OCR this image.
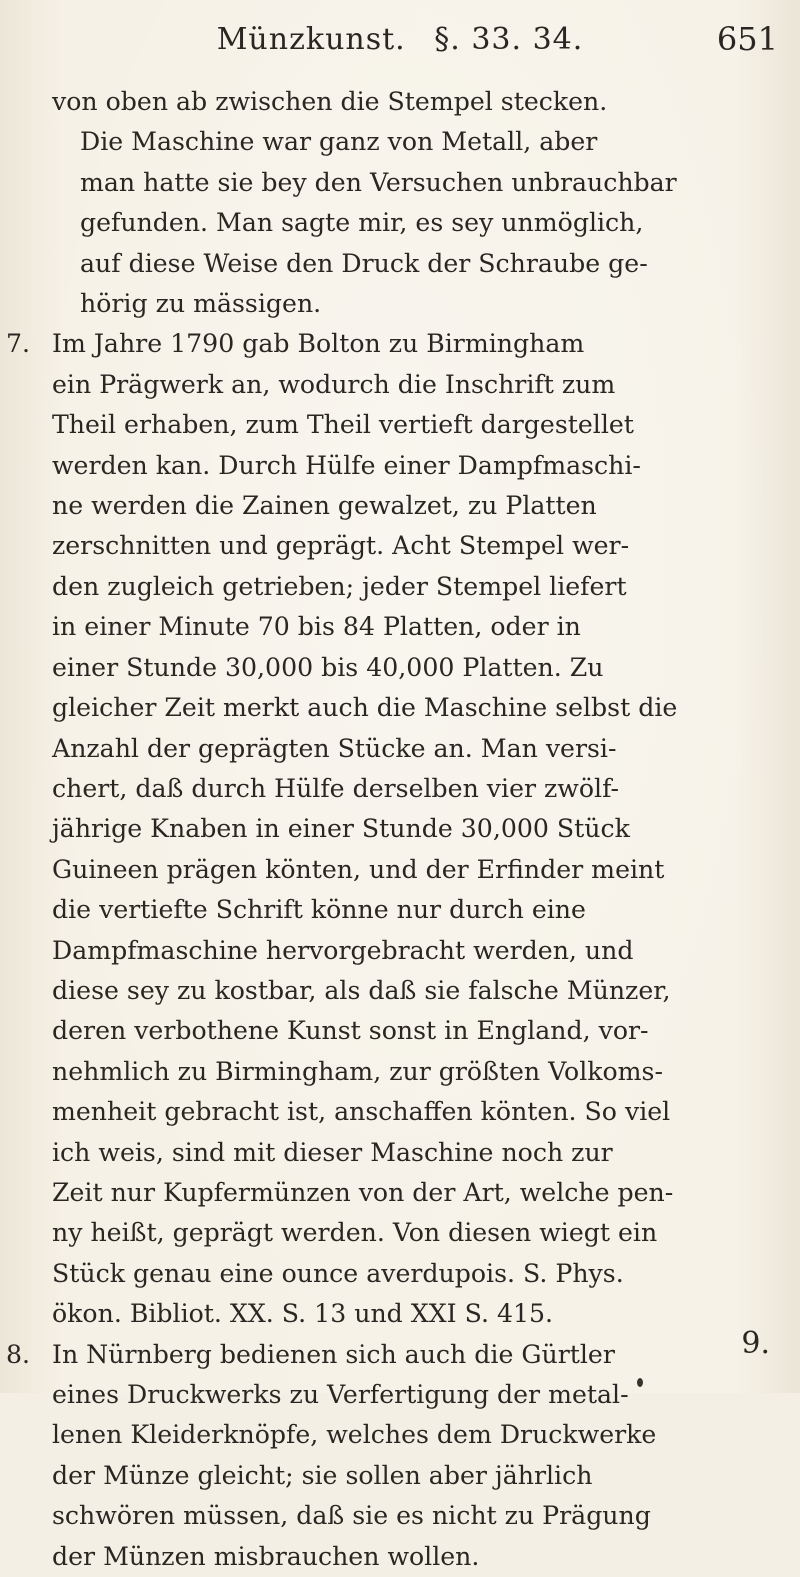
Münzkunst. §. 33. 34.	651

von oben ab zwischen die Stempel stecken.

Die Maschine war ganz von Metall, aber

man hatte sie bey den Versuchen unbrauchbar

gefunden. Man sagte mir, es sey unmöglich,

auf diese Weise den Druck der Schraube ge-

hörig zu mässigen.

7. Im Jahre 1790 gab Bolton zu Birmingham

ein Prägwerk an, wodurch die Inschrift zum

Theil erhaben, zum Theil vertieft dargestellet

werden kan. Durch Hülfe einer Dampfmaschi-

ne werden die Zainen gewalzet, zu Platten

zerschnitten und geprägt. Acht Stempel wer-

den zugleich getrieben; jeder Stempel liefert

in einer Minute 70 bis 84 Platten, oder in

einer Stunde 30,000 bis 40,000 Platten. Zu

gleicher Zeit merkt auch die Maschine selbst die

Anzahl der geprägten Stücke an. Man versi-

chert, daß durch Hülfe derselben vier zwölf-

jährige Knaben in einer Stunde 30,000 Stück

Guineen prägen könten, und der Erfinder meint

die vertiefte Schrift könne nur durch eine

Dampfmaschine hervorgebracht werden, und

diese sey zu kostbar, als daß sie falsche Münzer,

deren verbothene Kunst sonst in England, vor-

nehmlich zu Birmingham, zur größten Volkoms-

menheit gebracht ist, anschaffen könten. So viel

ich weis, sind mit dieser Maschine noch zur

Zeit nur Kupfermünzen von der Art, welche pen-

ny heißt, geprägt werden. Von diesen wiegt ein

Stück genau eine ounce averdupois. S. Phys.

ökon. Bibliot. XX. S. 13 und XXI S. 415.

8. In Nürnberg bedienen sich auch die Gürtler

eines Druckwerks zu Verfertigung der metal-

lenen Kleiderknöpfe, welches dem Druckwerke

der Münze gleicht; sie sollen aber jährlich

schwören müssen, daß sie es nicht zu Prägung

der Münzen misbrauchen wollen.

9.
